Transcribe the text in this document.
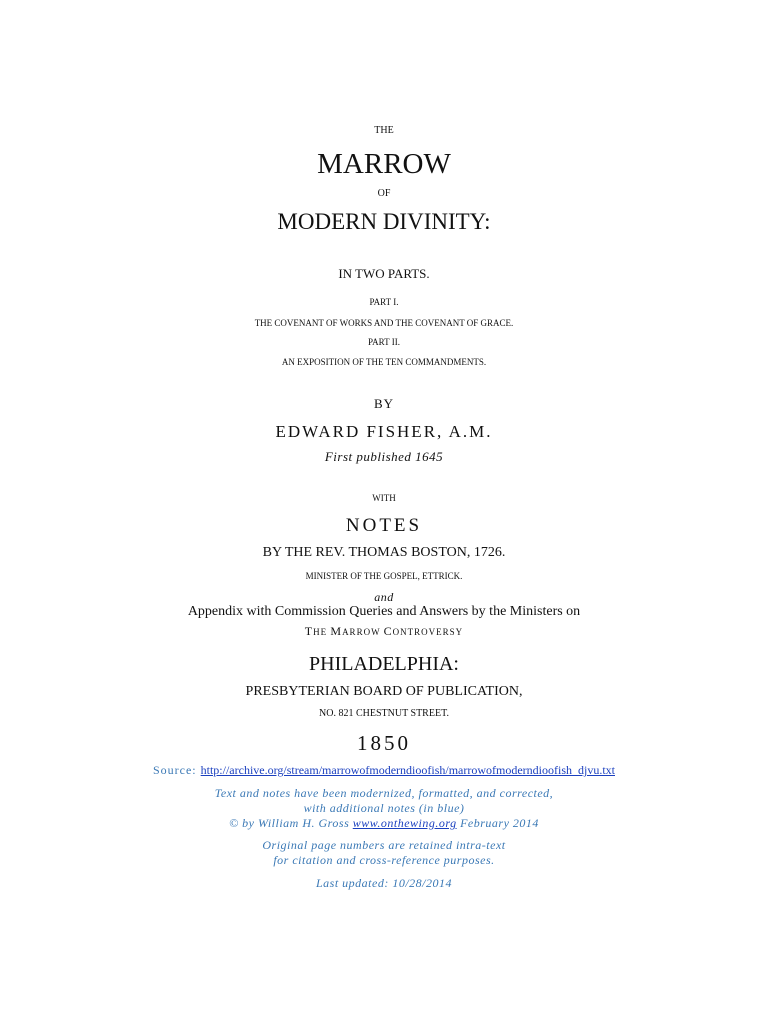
THE
MARROW
OF
MODERN DIVINITY:
IN TWO PARTS.
PART I.
THE COVENANT OF WORKS AND THE COVENANT OF GRACE.
PART II.
AN EXPOSITION OF THE TEN COMMANDMENTS.
BY
EDWARD FISHER, A.M.
First published 1645
WITH
NOTES
BY THE REV. THOMAS BOSTON, 1726.
MINISTER OF THE GOSPEL, ETTRICK.
and
Appendix with Commission Queries and Answers by the Ministers on
THE MARROW CONTROVERSY
PHILADELPHIA:
PRESBYTERIAN BOARD OF PUBLICATION,
NO. 821 CHESTNUT STREET.
1850
Source: http://archive.org/stream/marrowofmoderndioofish/marrowofmoderndioofish_djvu.txt
Text and notes have been modernized, formatted, and corrected,
with additional notes (in blue)
© by William H. Gross www.onthewing.org February 2014
Original page numbers are retained intra-text
for citation and cross-reference purposes.
Last updated: 10/28/2014
